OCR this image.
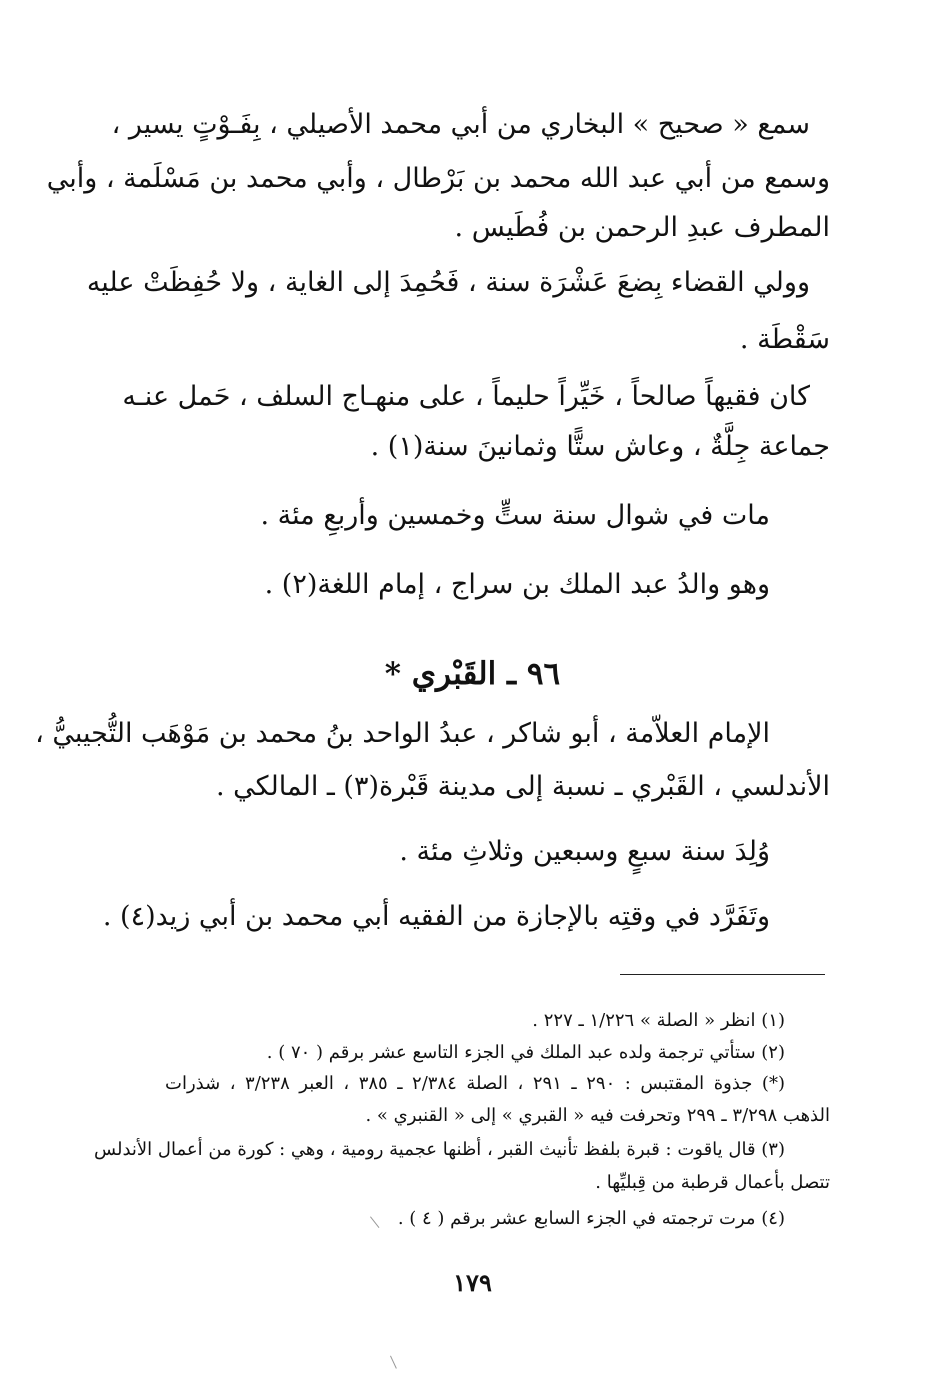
سمع « صحيح » البخاري من أبي محمد الأصيلي ، بِفَـوْتٍ يسير ،
وسمع من أبي عبد الله محمد بن بَرْطال ، وأبي محمد بن مَسْلَمة ، وأبي
المطرف عبدِ الرحمن بن فُطَيس .
وولي القضاء بِضعَ عَشْرَة سنة ، فَحُمِدَ إلى الغاية ، ولا حُفِظَتْ عليه
سَقْطَة .
كان فقيهاً صالحاً ، خَيِّراً حليماً ، على منهـاج السلف ، حَمل عنـه
جماعة جِلَّةٌ ، وعاش ستًّا وثمانينَ سنة(١) .
مات في شوال سنة ستٍّ وخمسين وأربعِ مئة .
وهو والدُ عبد الملك بن سراج ، إمام اللغة(٢) .
٩٦ ـ القَبْري *
الإمام العلاّمة ، أبو شاكر ، عبدُ الواحد بنُ محمد بن مَوْهَب التُّجيبيُّ ،
الأندلسي ، القَبْري ـ نسبة إلى مدينة قَبْرة(٣) ـ المالكي .
وُلِدَ سنة سبعٍ وسبعين وثلاثِ مئة .
وتَفَرَّد في وقتِه بالإجازة من الفقيه أبي محمد بن أبي زيد(٤) .
(١) انظر « الصلة » ١/٢٢٦ ـ ٢٢٧ .
(٢) ستأتي ترجمة ولده عبد الملك في الجزء التاسع عشر برقم ( ٧٠ ) .
(*) جذوة المقتبس : ٢٩٠ ـ ٢٩١ ، الصلة ٢/٣٨٤ ـ ٣٨٥ ، العبر ٣/٢٣٨ ، شذرات
الذهب ٣/٢٩٨ ـ ٢٩٩ وتحرفت فيه « القبري » إلى « القنبري » .
(٣) قال ياقوت : قبرة بلفظ تأنيث القبر ، أظنها عجمية رومية ، وهي : كورة من أعمال الأندلس
تتصل بأعمال قرطبة من قِبليِّها .
(٤) مرت ترجمته في الجزء السابع عشر برقم ( ٤ ) .
١٧٩
